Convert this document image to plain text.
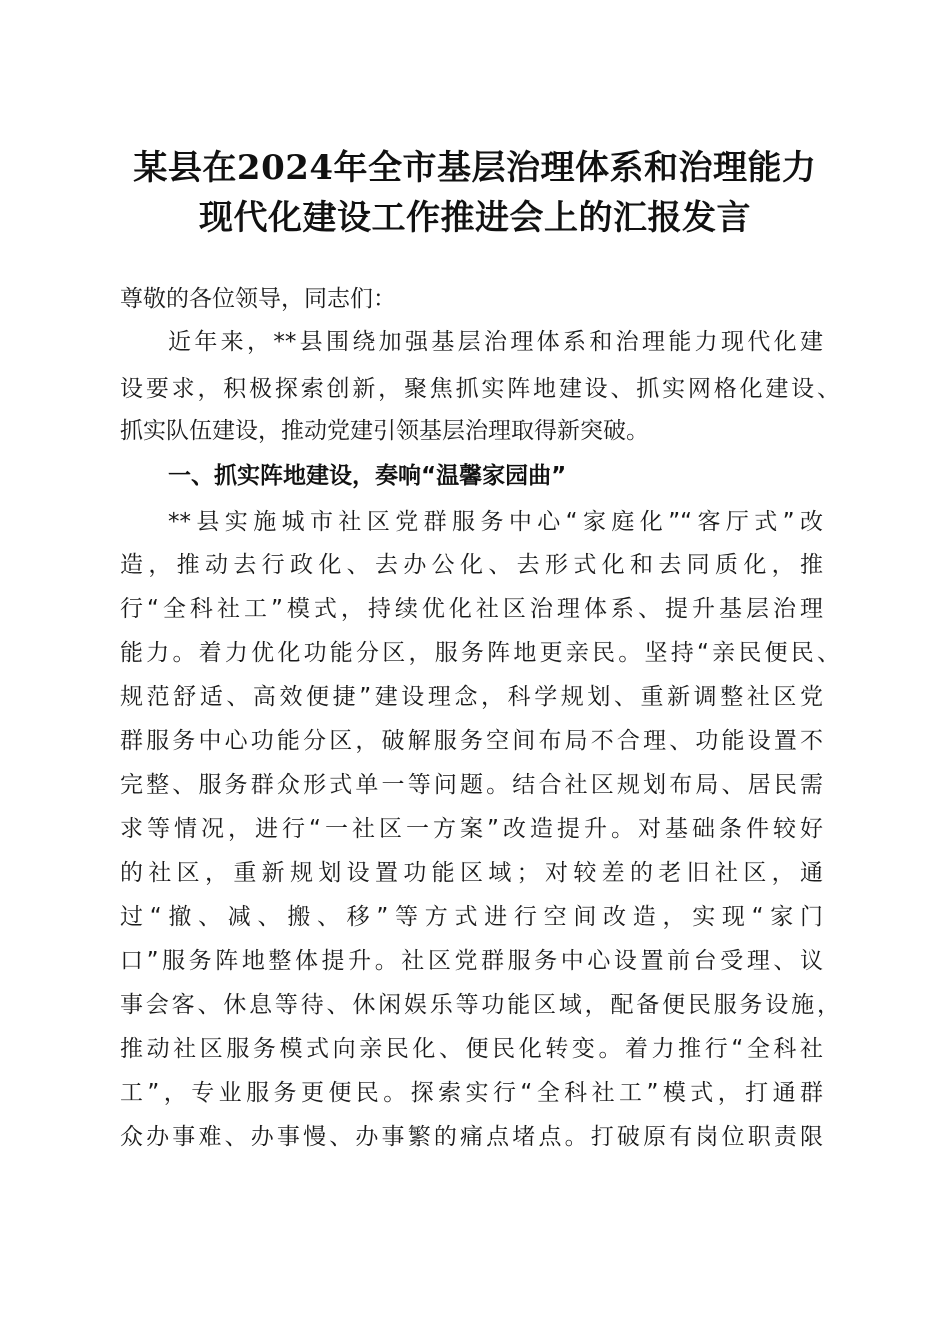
某县在2024年全市基层治理体系和治理能力
现代化建设工作推进会上的汇报发言
尊敬的各位领导，同志们：
近年来，**县围绕加强基层治理体系和治理能力现代化建
设要求，积极探索创新，聚焦抓实阵地建设、抓实网格化建设、
抓实队伍建设，推动党建引领基层治理取得新突破。
一、抓实阵地建设，奏响“温馨家园曲”
**县实施城市社区党群服务中心“家庭化”“客厅式”改
造，推动去行政化、去办公化、去形式化和去同质化，推
行“全科社工”模式，持续优化社区治理体系、提升基层治理
能力。着力优化功能分区，服务阵地更亲民。坚持“亲民便民、
规范舒适、高效便捷”建设理念，科学规划、重新调整社区党
群服务中心功能分区，破解服务空间布局不合理、功能设置不
完整、服务群众形式单一等问题。结合社区规划布局、居民需
求等情况，进行“一社区一方案”改造提升。对基础条件较好
的社区，重新规划设置功能区域；对较差的老旧社区，通
过“撤、减、搬、移”等方式进行空间改造，实现“家门
口”服务阵地整体提升。社区党群服务中心设置前台受理、议
事会客、休息等待、休闲娱乐等功能区域，配备便民服务设施，
推动社区服务模式向亲民化、便民化转变。着力推行“全科社
工”，专业服务更便民。探索实行“全科社工”模式，打通群
众办事难、办事慢、办事繁的痛点堵点。打破原有岗位职责限
